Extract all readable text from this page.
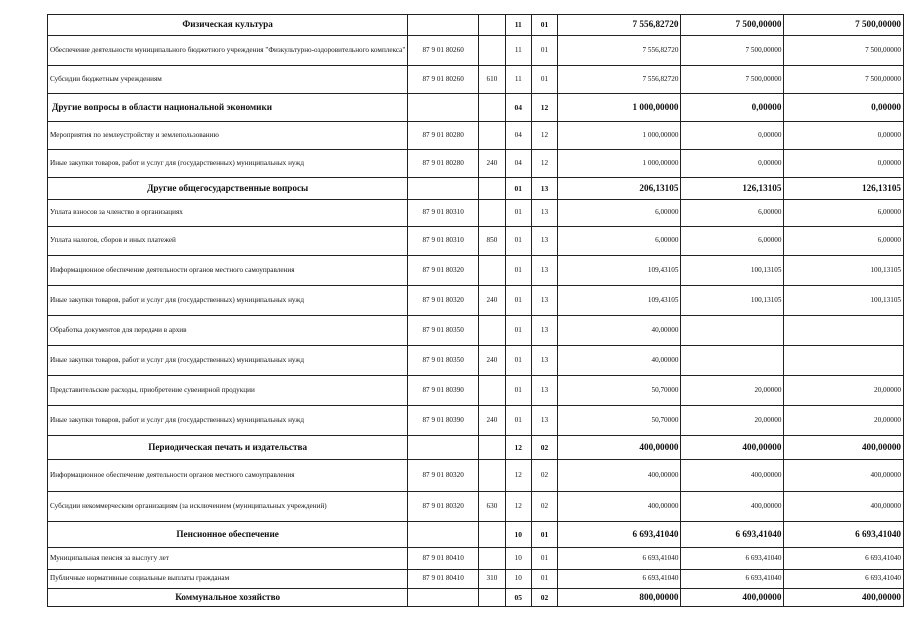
Физическая культура			11	01	7 556,82720	7 500,00000	7 500,00000
Обеспечение деятельности муниципального бюджетного учреждения "Физкультурно-оздоровительного комплекса"	87 9 01 80260		11	01	7 556,82720	7 500,00000	7 500,00000
Субсидии бюджетным учреждениям	87 9 01 80260	610	11	01	7 556,82720	7 500,00000	7 500,00000
Другие вопросы в области национальной экономики			04	12	1 000,00000	0,00000	0,00000
Мероприятия по землеустройству и землепользованию	87 9 01 80280		04	12	1 000,00000	0,00000	0,00000
Иные закупки товаров, работ и услуг для (государственных) муниципальных нужд	87 9 01 80280	240	04	12	1 000,00000	0,00000	0,00000
Другие общегосударственные вопросы			01	13	206,13105	126,13105	126,13105
Уплата взносов за членство в организациях	87 9 01 80310		01	13	6,00000	6,00000	6,00000
Уплата налогов, сборов и иных платежей	87 9 01 80310	850	01	13	6,00000	6,00000	6,00000
Информационное обеспечение деятельности органов местного самоуправления	87 9 01 80320		01	13	109,43105	100,13105	100,13105
Иные закупки товаров, работ и услуг для (государственных) муниципальных нужд	87 9 01 80320	240	01	13	109,43105	100,13105	100,13105
Обработка документов для передачи в архив	87 9 01 80350		01	13	40,00000		
Иные закупки товаров, работ и услуг для (государственных) муниципальных нужд	87 9 01 80350	240	01	13	40,00000		
Представительские расходы, приобретение сувенирной продукции	87 9 01 80390		01	13	50,70000	20,00000	20,00000
Иные закупки товаров, работ и услуг для (государственных) муниципальных нужд	87 9 01 80390	240	01	13	50,70000	20,00000	20,00000
Периодическая печать и издательства			12	02	400,00000	400,00000	400,00000
Информационное обеспечение деятельности органов местного самоуправления	87 9 01 80320		12	02	400,00000	400,00000	400,00000
Субсидии некоммерческим организациям (за исключением (муниципальных учреждений)	87 9 01 80320	630	12	02	400,00000	400,00000	400,00000
Пенсионное обеспечение			10	01	6 693,41040	6 693,41040	6 693,41040
Муниципальная пенсия за выслугу лет	87 9 01 80410		10	01	6 693,41040	6 693,41040	6 693,41040
Публичные нормативные социальные выплаты гражданам	87 9 01 80410	310	10	01	6 693,41040	6 693,41040	6 693,41040
Коммунальное хозяйство			05	02	800,00000	400,00000	400,00000
